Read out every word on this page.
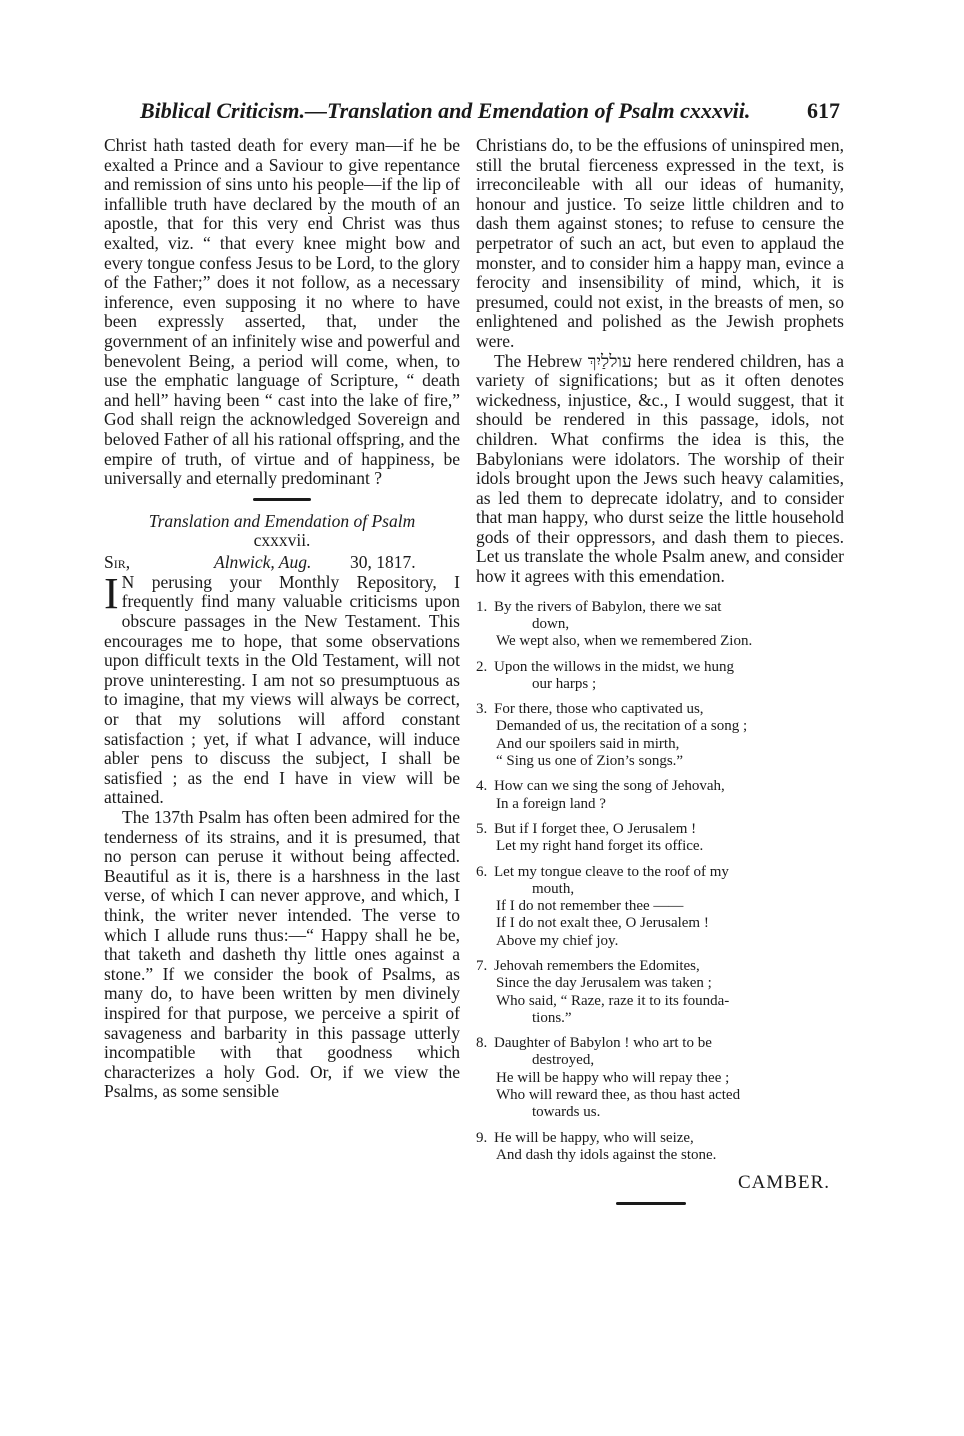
Biblical Criticism.—Translation and Emendation of Psalm cxxxvii.	617

Christ hath tasted death for every man—if he be exalted a Prince and a Saviour to give repentance and remission of sins unto his people—if the lip of infallible truth have declared by the mouth of an apostle, that for this very end Christ was thus exalted, viz. “ that every knee might bow and every tongue confess Jesus to be Lord, to the glory of the Father;” does it not follow, as a necessary inference, even supposing it no where to have been expressly asserted, that, under the government of an infinitely wise and powerful and benevolent Being, a period will come, when, to use the emphatic language of Scripture, “ death and hell” having been “ cast into the lake of fire,” God shall reign the acknowledged Sovereign and beloved Father of all his rational offspring, and the empire of truth, of virtue and of happiness, be universally and eternally predominant ?

Translation and Emendation of Psalm
cxxxvii.

Sir,	Alnwick, Aug. 30, 1817.

I N perusing your Monthly Repository, I frequently find many valuable criticisms upon obscure passages in the New Testament. This encourages me to hope, that some observations upon difficult texts in the Old Testament, will not prove uninteresting. I am not so presumptuous as to imagine, that my views will always be correct, or that my solutions will afford constant satisfaction ; yet, if what I advance, will induce abler pens to discuss the subject, I shall be satisfied ; as the end I have in view will be attained.

The 137th Psalm has often been admired for the tenderness of its strains, and it is presumed, that no person can peruse it without being affected. Beautiful as it is, there is a harshness in the last verse, of which I can never approve, and which, I think, the writer never intended. The verse to which I allude runs thus:—“ Happy shall he be, that taketh and dasheth thy little ones against a stone.” If we consider the book of Psalms, as many do, to have been written by men divinely inspired for that purpose, we perceive a spirit of savageness and barbarity in this passage utterly incompatible with that goodness which characterizes a holy God. Or, if we view the Psalms, as some sensible

Christians do, to be the effusions of uninspired men, still the brutal fierceness expressed in the text, is irreconcileable with all our ideas of humanity, honour and justice. To seize little children and to dash them against stones; to refuse to censure the perpetrator of such an act, but even to applaud the monster, and to consider him a happy man, evince a ferocity and insensibility of mind, which, it is presumed, could not exist, in the breasts of men, so enlightened and polished as the Jewish prophets were.

The Hebrew עוללַיִךְ here rendered children, has a variety of significations; but as it often denotes wickedness, injustice, &c., I would suggest, that it should be rendered in this passage, idols, not children. What confirms the idea is this, the Babylonians were idolators. The worship of their idols brought upon the Jews such heavy calamities, as led them to deprecate idolatry, and to consider that man happy, who durst seize the little household gods of their oppressors, and dash them to pieces. Let us translate the whole Psalm anew, and consider how it agrees with this emendation.

1. By the rivers of Babylon, there we sat
down,
We wept also, when we remembered Zion.
2. Upon the willows in the midst, we hung
our harps ;
3. For there, those who captivated us,
Demanded of us, the recitation of a song ;
And our spoilers said in mirth,
“ Sing us one of Zion’s songs.”
4. How can we sing the song of Jehovah,
In a foreign land ?
5. But if I forget thee, O Jerusalem !
Let my right hand forget its office.
6. Let my tongue cleave to the roof of my
mouth,
If I do not remember thee ——
If I do not exalt thee, O Jerusalem !
Above my chief joy.
7. Jehovah remembers the Edomites,
Since the day Jerusalem was taken ;
Who said, “ Raze, raze it to its founda-
tions.”
8. Daughter of Babylon ! who art to be
destroyed,
He will be happy who will repay thee ;
Who will reward thee, as thou hast acted
towards us.
9. He will be happy, who will seize,
And dash thy idols against the stone.
CAMBER.
